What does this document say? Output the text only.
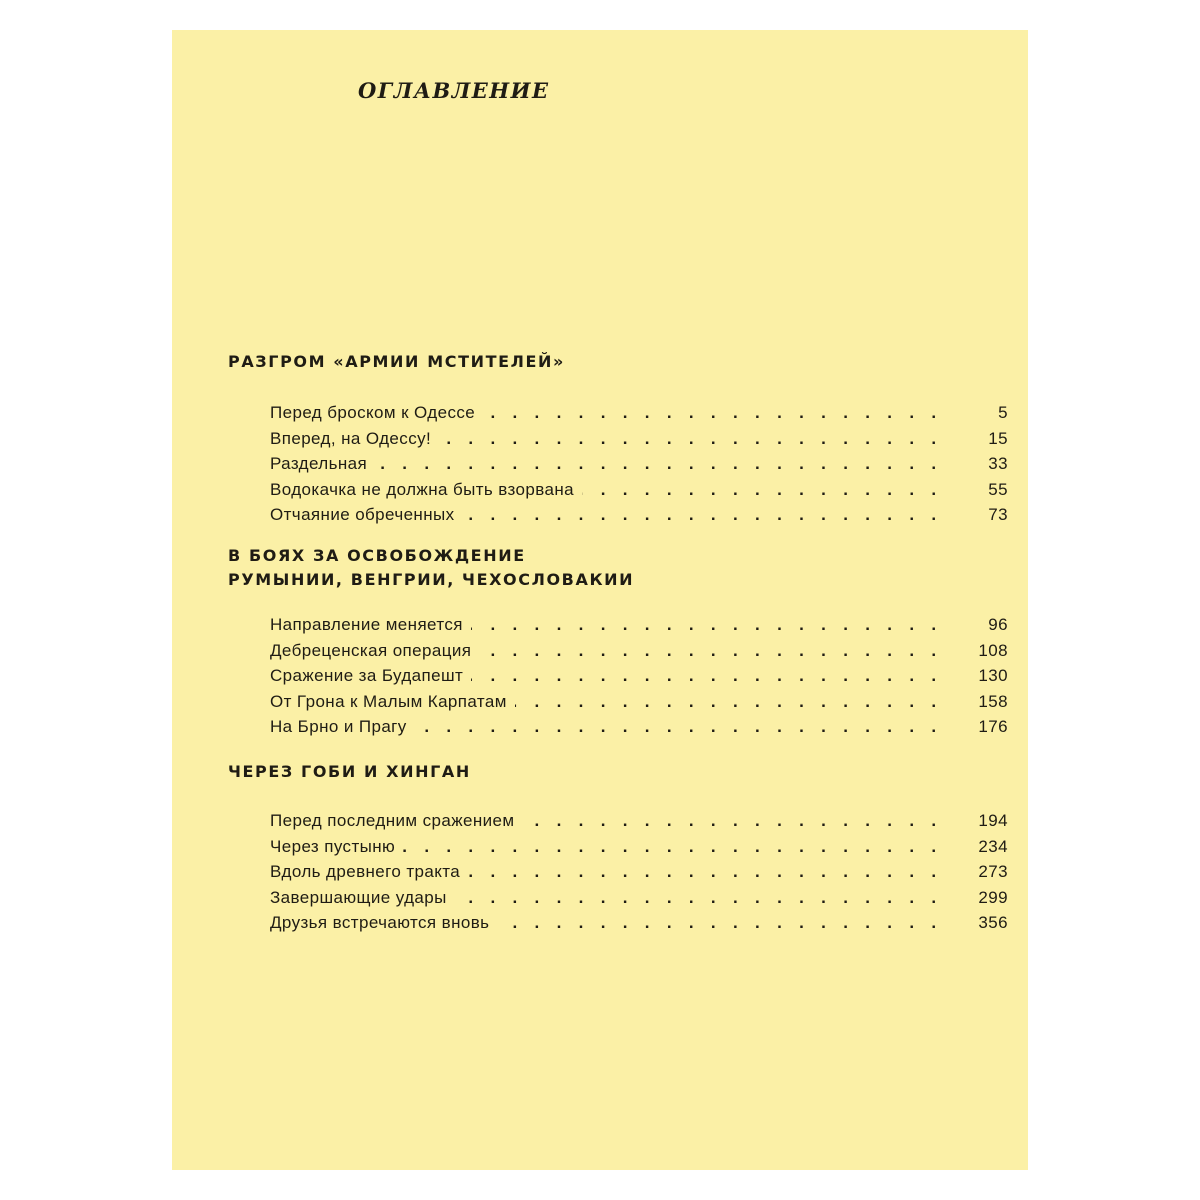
ОГЛАВЛЕНИЕ
РАЗГРОМ «АРМИИ МСТИТЕЛЕЙ»
. . .
Перед броском к Одессе	5
. . .
Вперед, на Одессу!	15
. . .
Раздельная	33
. . .
Водокачка не должна быть взорвана	55
. . .
Отчаяние обреченных	73
В БОЯХ ЗА ОСВОБОЖДЕНИЕ
РУМЫНИИ, ВЕНГРИИ, ЧЕХОСЛОВАКИИ
. . .
Направление меняется	96
. . .
Дебреценская операция	108
. . .
Сражение за Будапешт	130
. . .
От Грона к Малым Карпатам	158
. . .
На Брно и Прагу	176
ЧЕРЕЗ ГОБИ И ХИНГАН
. . .
Перед последним сражением	194
. . .
Через пустыню	234
. . .
Вдоль древнего тракта	273
. . .
Завершающие удары	299
. . .
Друзья встречаются вновь	356
